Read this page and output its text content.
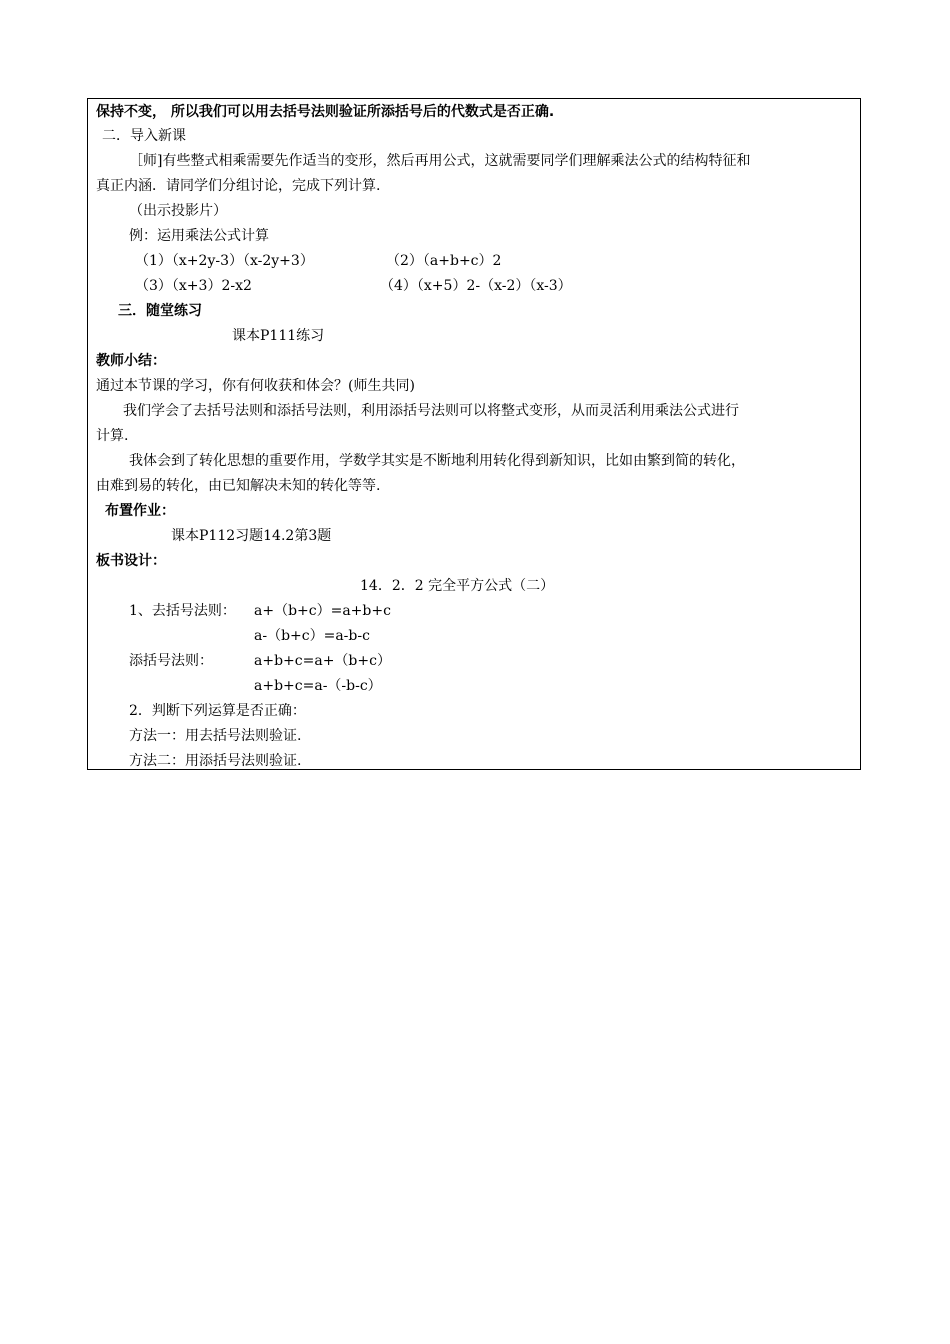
保持不变， 所以我们可以用去括号法则验证所添括号后的代数式是否正确.
二．导入新课
［师]有些整式相乘需要先作适当的变形，然后再用公式，这就需要同学们理解乘法公式的结构特征和
真正内涵．请同学们分组讨论，完成下列计算.
（出示投影片）
例：运用乘法公式计算
（1）（x+2y-3）（x-2y+3）	（2）（a+b+c）2
（3）（x+3）2-x2	（4）（x+5）2-（x-2）（x-3）
三．随堂练习
课本P111练习
教师小结：
通过本节课的学习，你有何收获和体会？(师生共同)
我们学会了去括号法则和添括号法则，利用添括号法则可以将整式变形，从而灵活利用乘法公式进行
计算.
我体会到了转化思想的重要作用，学数学其实是不断地利用转化得到新知识，比如由繁到简的转化，
由难到易的转化，由已知解决未知的转化等等.
布置作业：
课本P112习题14.2第3题
板书设计：
14．2．2 完全平方公式（二）
1、去括号法则： a+（b+c）=a+b+c
a-（b+c）=a-b-c
添括号法则：	a+b+c=a+（b+c）
a+b+c=a-（-b-c）
2．判断下列运算是否正确：
方法一：用去括号法则验证.
方法二：用添括号法则验证.
